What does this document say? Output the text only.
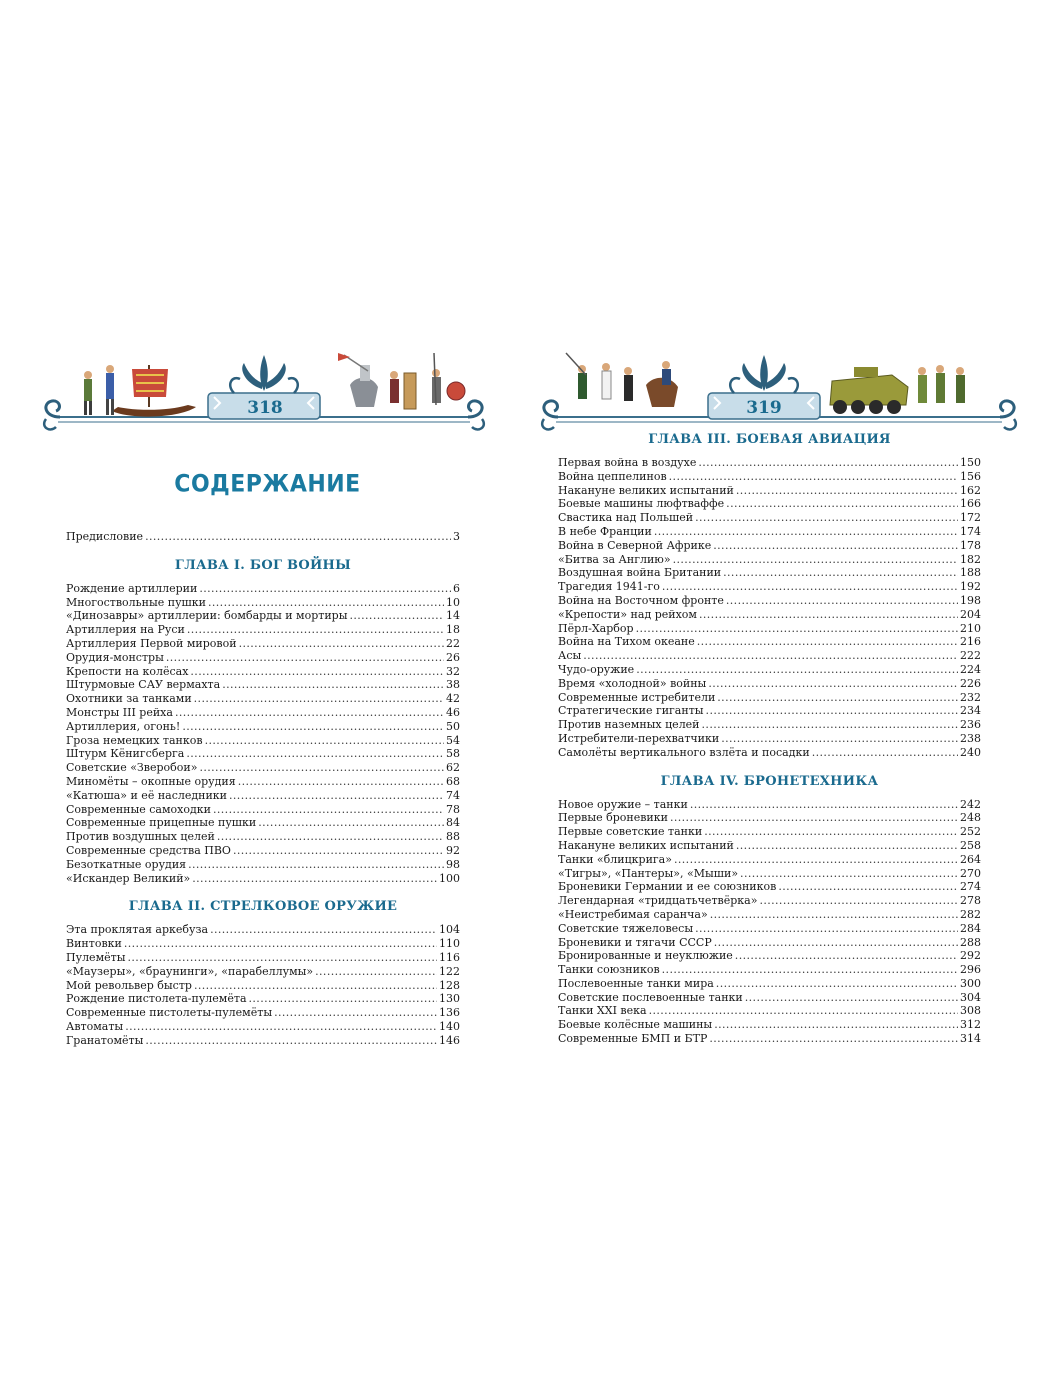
318
СОДЕРЖАНИЕ
Предисловие .....	3
ГЛАВА I. БОГ ВОЙНЫ
Рождение артиллерии .....	6
Многоствольные пушки .....	10
«Динозавры» артиллерии: бомбарды и мортиры .....	14
Артиллерия на Руси .....	18
Артиллерия Первой мировой .....	22
Орудия-монстры .....	26
Крепости на колёсах .....	32
Штурмовые САУ вермахта .....	38
Охотники за танками .....	42
Монстры III рейха .....	46
Артиллерия, огонь! .....	50
Гроза немецких танков .....	54
Штурм Кёнигсберга .....	58
Советские «Зверобои» .....	62
Миномёты – окопные орудия .....	68
«Катюша» и её наследники .....	74
Современные самоходки .....	78
Современные прицепные пушки .....	84
Против воздушных целей .....	88
Современные средства ПВО .....	92
Безоткатные орудия .....	98
«Искандер Великий» .....	100
ГЛАВА II. СТРЕЛКОВОЕ ОРУЖИЕ
Эта проклятая аркебуза .....	104
Винтовки .....	110
Пулемёты .....	116
«Маузеры», «браунинги», «парабеллумы» .....	122
Мой револьвер быстр .....	128
Рождение пистолета-пулемёта .....	130
Современные пистолеты-пулемёты .....	136
Автоматы .....	140
Гранатомёты .....	146
319
ГЛАВА III. БОЕВАЯ АВИАЦИЯ
Первая война в воздухе .....	150
Война цеппелинов .....	156
Накануне великих испытаний .....	162
Боевые машины люфтваффе .....	166
Свастика над Польшей .....	172
В небе Франции .....	174
Война в Северной Африке .....	178
«Битва за Англию» .....	182
Воздушная война Британии .....	188
Трагедия 1941-го .....	192
Война на Восточном фронте .....	198
«Крепости» над рейхом .....	204
Пёрл-Харбор .....	210
Война на Тихом океане .....	216
Асы .....	222
Чудо-оружие .....	224
Время «холодной» войны .....	226
Современные истребители .....	232
Стратегические гиганты .....	234
Против наземных целей .....	236
Истребители-перехватчики .....	238
Самолёты вертикального взлёта и посадки .....	240
ГЛАВА IV. БРОНЕТЕХНИКА
Новое оружие – танки .....	242
Первые броневики .....	248
Первые советские танки .....	252
Накануне великих испытаний .....	258
Танки «блицкрига» .....	264
«Тигры», «Пантеры», «Мыши» .....	270
Броневики Германии и ее союзников .....	274
Легендарная «тридцатьчетвёрка» .....	278
«Неистребимая саранча» .....	282
Советские тяжеловесы .....	284
Броневики и тягачи СССР .....	288
Бронированные и неуклюжие .....	292
Танки союзников .....	296
Послевоенные танки мира .....	300
Советские послевоенные танки .....	304
Танки XXI века .....	308
Боевые колёсные машины .....	312
Современные БМП и БТР .....	314
